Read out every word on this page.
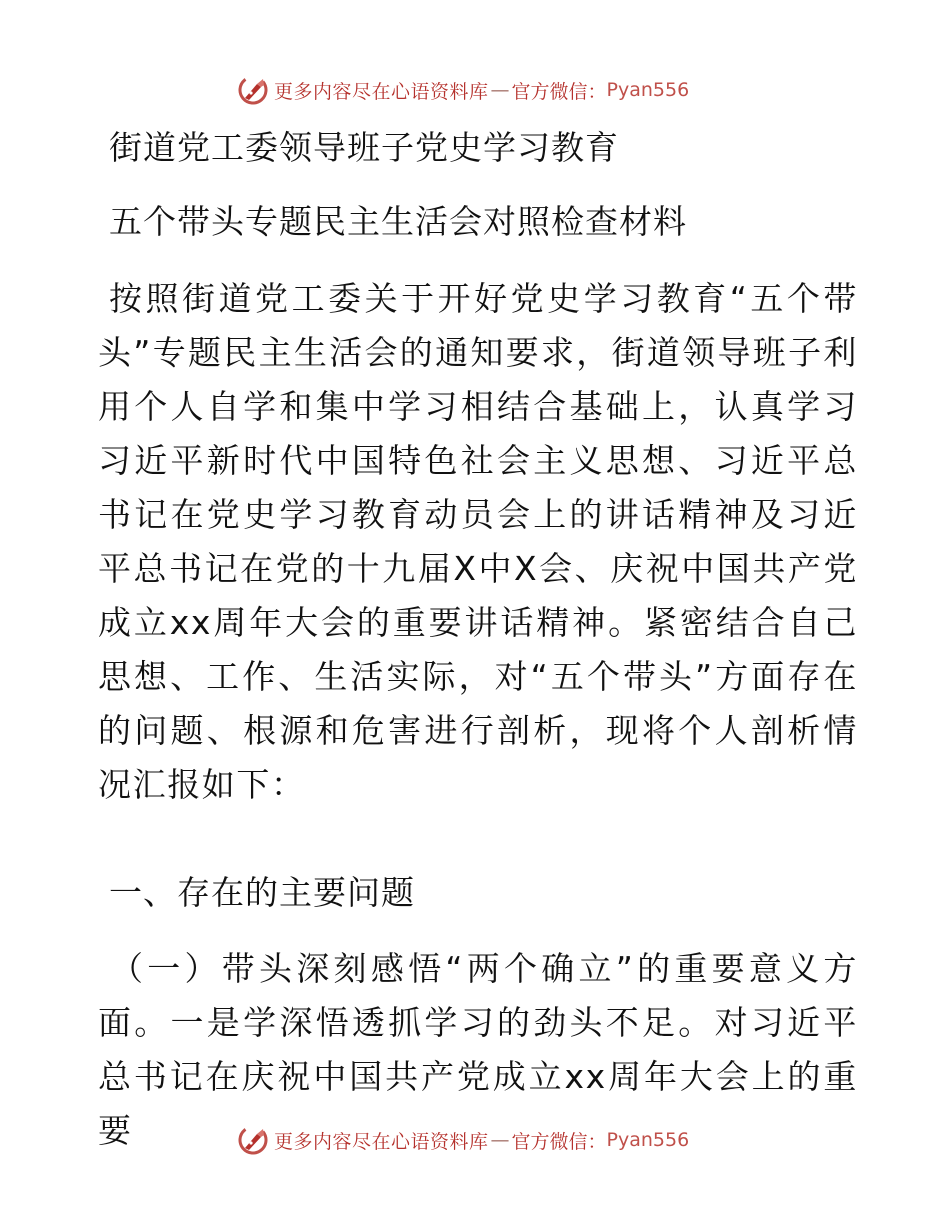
更多内容尽在心语资料库 — 官方微信： Pyan556
街道党工委领导班子党史学习教育
五个带头专题民主生活会对照检查材料
按照街道党工委关于开好党史学习教育“五个带头”专题民主生活会的通知要求，街道领导班子利用个人自学和集中学习相结合基础上，认真学习习近平新时代中国特色社会主义思想、习近平总书记在党史学习教育动员会上的讲话精神及习近平总书记在党的十九届X中X会、庆祝中国共产党成立xx周年大会的重要讲话精神。紧密结合自己思想、工作、生活实际，对“五个带头”方面存在的问题、根源和危害进行剖析，现将个人剖析情况汇报如下：
一、存在的主要问题
（一）带头深刻感悟“两个确立”的重要意义方面。一是学深悟透抓学习的劲头不足。对习近平总书记在庆祝中国共产党成立xx周年大会上的重要	更多内容尽在心语资料库 — 官方微信： Pyan556
